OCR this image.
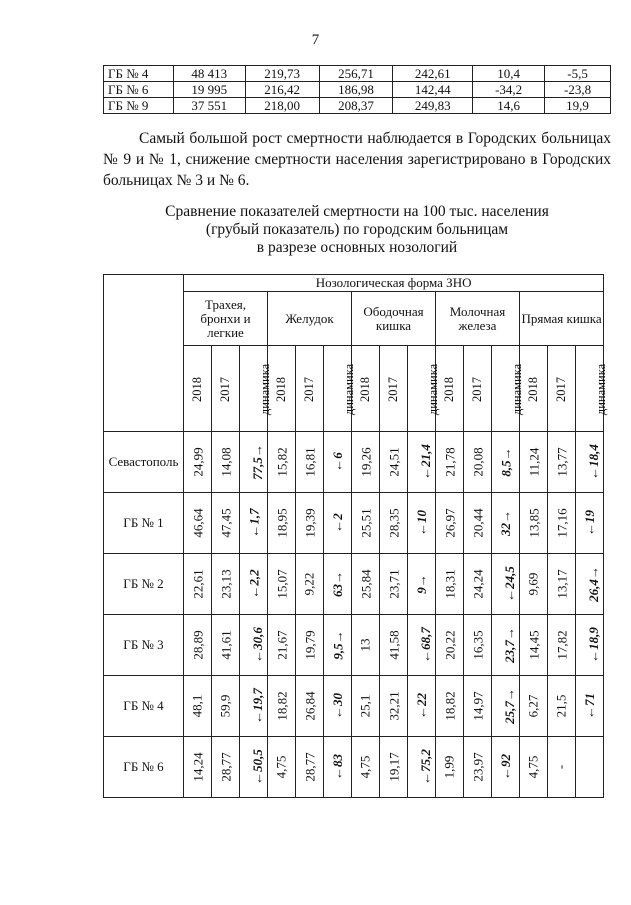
7
ГБ № 4	48 413	219,73	256,71	242,61	10,4	-5,5
ГБ № 6	19 995	216,42	186,98	142,44	-34,2	-23,8
ГБ № 9	37 551	218,00	208,37	249,83	14,6	19,9
Самый большой рост смертности наблюдается в Городских больницах № 9 и № 1, снижение смертности населения зарегистрировано в Городских больницах № 3 и № 6.
Сравнение показателей смертности на 100 тыс. населения
(грубый показатель) по городским больницам
в разрезе основных нозологий
	Нозологическая форма ЗНО														
	Трахея, бронхи и легкие			Желудок			Ободочная кишка			Молочная железа			Прямая кишка		
	2018	2017	динамика	2018	2017	динамика	2018	2017	динамика	2018	2017	динамика	2018	2017	динамика
Севастополь	24,99	14,08	77,5→	15,82	16,81	←6	19,26	24,51	←21,4	21,78	20,08	8,5→	11,24	13,77	←18,4
ГБ № 1	46,64	47,45	←1,7	18,95	19,39	←2	25,51	28,35	←10	26,97	20,44	32→	13,85	17,16	←19
ГБ № 2	22,61	23,13	←2,2	15,07	9,22	63→	25,84	23,71	9→	18,31	24,24	←24,5	9,69	13,17	26,4→
ГБ № 3	28,89	41,61	←30,6	21,67	19,79	9,5→	13	41,58	←68,7	20,22	16,35	23,7→	14,45	17,82	←18,9
ГБ № 4	48,1	59,9	←19,7	18,82	26,84	←30	25,1	32,21	←22	18,82	14,97	25,7→	6,27	21,5	←71
ГБ № 6	14,24	28,77	←50,5	4,75	28,77	←83	4,75	19,17	←75,2	1,99	23,97	←92	4,75	-	
